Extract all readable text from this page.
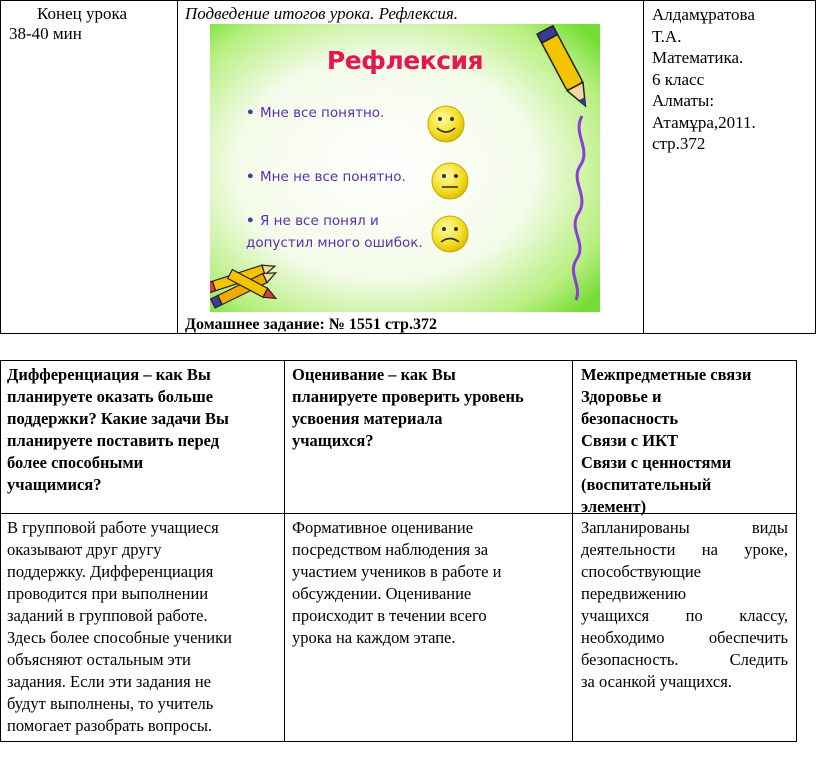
Конец урока
38-40 мин
Подведение итогов урока. Рефлексия.
Домашнее задание: № 1551 стр.372
Алдамұратова
Т.А.
Математика.
6 класс
Алматы:
Атамұра,2011.
стр.372
Рефлексия
• Мне все понятно.
• Мне не все понятно.
• Я не все понял и
допустил много ошибок.
Дифференциация – как Вы
планируете оказать больше
поддержки? Какие задачи Вы
планируете поставить перед
более способными
учащимися?
Оценивание – как Вы
планируете проверить уровень
усвоения материала
учащихся?
Межпредметные связи
Здоровье и
безопасность
Связи с ИКТ
Связи с ценностями
(воспитательный
элемент)
В групповой работе учащиеся
оказывают друг другу
поддержку. Дифференциация
проводится при выполнении
заданий в групповой работе.
Здесь более способные ученики
объясняют остальным эти
задания. Если эти задания не
будут выполнены, то учитель
помогает разобрать вопросы.
Формативное оценивание
посредством наблюдения за
участием учеников в работе и
обсуждении. Оценивание
происходит в течении всего
урока на каждом этапе.
Запланированы виды
деятельности на уроке,
способствующие
передвижению
учащихся по классу,
необходимо обеспечить
безопасность. Следить
за осанкой учащихся.
